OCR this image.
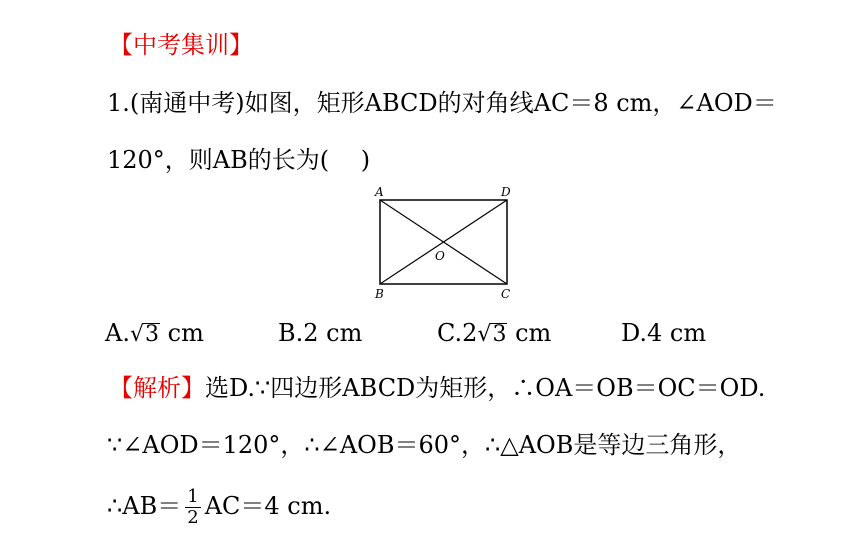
【中考集训】
1.(南通中考)如图，矩形ABCD的对角线AC＝8 cm，∠AOD＝
120°，则AB的长为(　 )
A	D
B	C
O
A.√3 cm	B.2 cm	C.2√3 cm	D.4 cm
【解析】选D.∵四边形ABCD为矩形，∴OA＝OB＝OC＝OD.
∵∠AOD＝120°，∴∠AOB＝60°，∴△AOB是等边三角形，
∴AB＝ $\frac{1}{2} AC=4$ cm.
